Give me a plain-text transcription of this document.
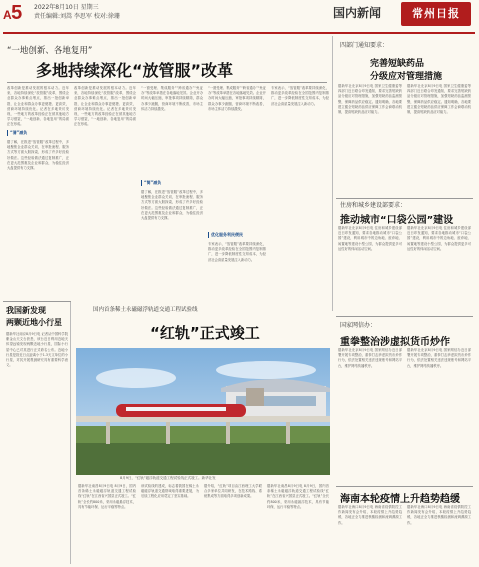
A5 2022年8月10日 星期三
责任编辑:刘嵩 李思军 校对:徐珊	国内新闻	常州日报
“一地创新、各地复用”
多地持续深化“放管服”改革
改革创新是推动发展的根本动力。近年来，各地持续深化“放管服”改革，围绕企业群众办事难点堵点，推出一批创新举措，让企业和群众办事更便捷、更高效，营商环境持续优化。记者在多地采访发现，一些地方的改革经验正在被其他地方学习借鉴，“一地创新、各地复用”的局面正在形成。
“清”减负
据了解，在推进“放管服”改革过程中，多地聚焦企业群众关切，在审批流程、服务方式等方面大胆探索，形成了许多好经验好做法。这些经验做法通过复制推广，正在更大范围惠及企业和群众，为稳住经济大盘提供有力支撑。
改革创新是推动发展的根本动力。近年来，各地持续深化“放管服”改革，围绕企业群众办事难点堵点，推出一批创新举措，让企业和群众办事更便捷、更高效，营商环境持续优化。记者在多地采访发现，一些地方的改革经验正在被其他地方学习借鉴，“一地创新、各地复用”的局面正在形成。
“一窗受理、集成服务”“跨省通办”“免证办”等改革举措在各地落地见效。企业开办时间大幅压缩，审批事项持续精简，群众办事少跑腿，营商环境不断改善，市场主体活力持续激发。
“简”减负
据了解，在推进“放管服”改革过程中，多地聚焦企业群众关切，在审批流程、服务方式等方面大胆探索，形成了许多好经验好做法。这些经验做法通过复制推广，正在更大范围惠及企业和群众，为稳住经济大盘提供有力支撑。
“一窗受理、集成服务”“跨省通办”“免证办”等改革举措在各地落地见效。企业开办时间大幅压缩，审批事项持续精简，群众办事少跑腿，营商环境不断改善，市场主体活力持续激发。
优化服务利民便民
专家表示，“放管服”改革要持续深化，推动更多改革经验在全国范围内复制推广，进一步降低制度性交易成本，为经济社会高质量发展注入新动力。
专家表示，“放管服”改革要持续深化，推动更多改革经验在全国范围内复制推广，进一步降低制度性交易成本，为经济社会高质量发展注入新动力。
四部门通知要求：
完善短缺药品
分级应对管理措施
据新华社北京8月9日电 国家卫生健康委等四部门近日联合印发通知，要求完善短缺药品分级应对管理措施，加强短缺药品监测预警，保障药品供应稳定。通知明确，各地要建立健全短缺药品供应保障工作会商联动机制，提高短缺药品应对能力。
据新华社北京8月9日电 国家卫生健康委等四部门近日联合印发通知，要求完善短缺药品分级应对管理措施，加强短缺药品监测预警，保障药品供应稳定。通知明确，各地要建立健全短缺药品供应保障工作会商联动机制，提高短缺药品应对能力。
住房和城乡建设部要求：
推动城市“口袋公园”建设
据新华社北京8月9日电 住房和城乡建设部近日印发通知，要求各地推动城市“口袋公园”建设，利用城市中的边角地、废弃地、闲置地等建设小型公园，为群众提供更多可达性好的休闲活动空间。
据新华社北京8月9日电 住房和城乡建设部近日印发通知，要求各地推动城市“口袋公园”建设，利用城市中的边角地、废弃地、闲置地等建设小型公园，为群众提供更多可达性好的休闲活动空间。
国家网信办：
重拳整治涉虚拟货币炒作
据新华社北京8月9日电 国家网信办近日部署开展专项整治，重拳打击涉虚拟货币炒作行为，依法处置相关违法违规账号和网站平台，维护网络传播秩序。
据新华社北京8月9日电 国家网信办近日部署开展专项整治，重拳打击涉虚拟货币炒作行为，依法处置相关违法违规账号和网站平台，维护网络传播秩序。
海南本轮疫情上升趋势趋缓
据新华社海口8月9日电 海南省疫情防控工作新闻发布会介绍，本轮疫情上升趋势趋缓，各地正全力推进核酸检测和流调溯源工作。
据新华社海口8月9日电 海南省疫情防控工作新闻发布会介绍，本轮疫情上升趋势趋缓，各地正全力推进核酸检测和流调溯源工作。
我国新发现
两颗近地小行星
据新华社南京8月9日电 记者从中国科学院紫金山天文台获悉，该台近日利用近地天体望远镜发现两颗近地小行星，国际小行星中心已对其进行正式命名公布。近地小行星是指近日点距离小于1.3天文单位的小行星，对其开展观测研究具有重要科学意义。
国内首条稀土永磁磁浮轨道交通工程试验线
“红轨”正式竣工
8月9日，“红轨”磁浮轨道交通工程试验线正式竣工。新华社发
据新华社南昌8月9日电 8月9日，国内首条稀土永磁磁浮轨道交通工程试验线“红轨”在江西省兴国县正式竣工。“红轨”全长约800米，采用永磁悬浮技术，具有节能环保、运行平稳等特点。
该试验线的建成，标志着我国在稀土永磁磁浮轨道交通领域取得重要进展，为后续工程化应用奠定了坚实基础。
据介绍，“红轨”项目由江西理工大学联合多家单位共同研发，在技术路线、系统集成等方面取得多项创新成果。
据新华社南昌8月9日电 8月9日，国内首条稀土永磁磁浮轨道交通工程试验线“红轨”在江西省兴国县正式竣工。“红轨”全长约800米，采用永磁悬浮技术，具有节能环保、运行平稳等特点。
